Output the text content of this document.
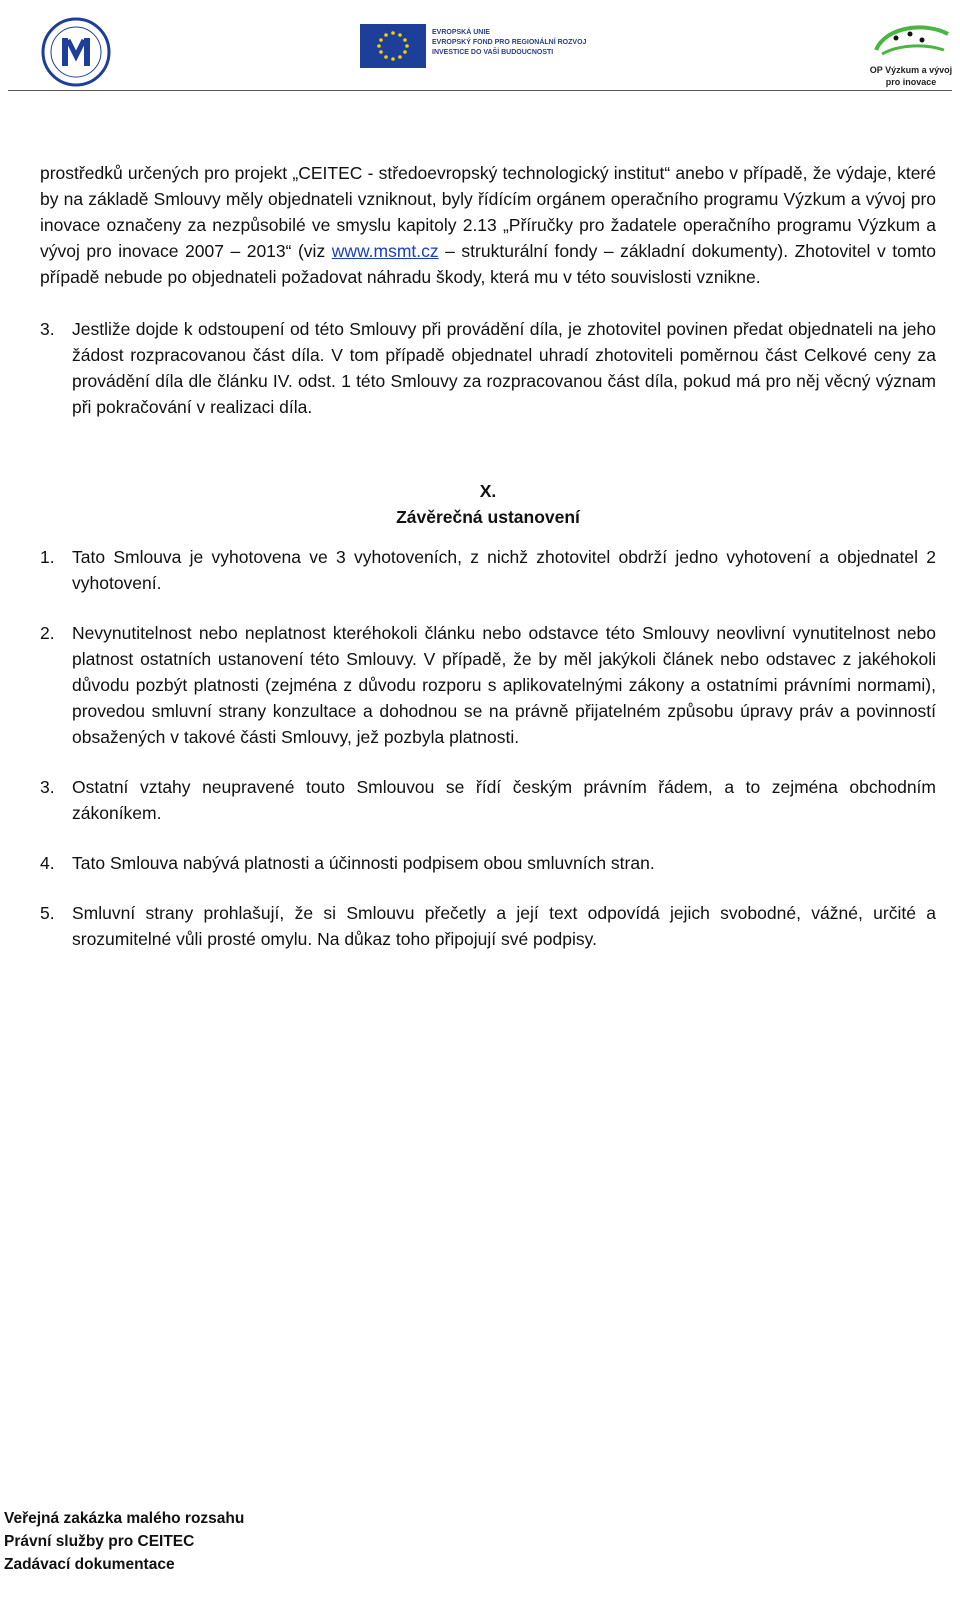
EVROPSKÁ UNIE
EVROPSKÝ FOND PRO REGIONÁLNÍ ROZVOJ
INVESTICE DO VAŠÍ BUDOUCNOSTI
OP Výzkum a vývoj
pro inovace

prostředků určených pro projekt „CEITEC - středoevropský technologický institut“ anebo v případě, že výdaje, které by na základě Smlouvy měly objednateli vzniknout, byly řídícím orgánem operačního programu Výzkum a vývoj pro inovace označeny za nezpůsobilé ve smyslu kapitoly 2.13 „Příručky pro žadatele operačního programu Výzkum a vývoj pro inovace 2007 – 2013“ (viz www.msmt.cz – strukturální fondy – základní dokumenty). Zhotovitel v tomto případě nebude po objednateli požadovat náhradu škody, která mu v této souvislosti vznikne.

3. Jestliže dojde k odstoupení od této Smlouvy při provádění díla, je zhotovitel povinen předat objednateli na jeho žádost rozpracovanou část díla. V tom případě objednatel uhradí zhotoviteli poměrnou část Celkové ceny za provádění díla dle článku IV. odst. 1 této Smlouvy za rozpracovanou část díla, pokud má pro něj věcný význam při pokračování v realizaci díla.
X.
Závěrečná ustanovení
1. Tato Smlouva je vyhotovena ve 3 vyhotoveních, z nichž zhotovitel obdrží jedno vyhotovení a objednatel 2 vyhotovení.
2. Nevynutitelnost nebo neplatnost kteréhokoli článku nebo odstavce této Smlouvy neovlivní vynutitelnost nebo platnost ostatních ustanovení této Smlouvy. V případě, že by měl jakýkoli článek nebo odstavec z jakéhokoli důvodu pozbýt platnosti (zejména z důvodu rozporu s aplikovatelnými zákony a ostatními právními normami), provedou smluvní strany konzultace a dohodnou se na právně přijatelném způsobu úpravy práv a povinností obsažených v takové části Smlouvy, jež pozbyla platnosti.
3. Ostatní vztahy neupravené touto Smlouvou se řídí českým právním řádem, a to zejména obchodním zákoníkem.
4. Tato Smlouva nabývá platnosti a účinnosti podpisem obou smluvních stran.
5. Smluvní strany prohlašují, že si Smlouvu přečetly a její text odpovídá jejich svobodné, vážné, určité a srozumitelné vůli prosté omylu. Na důkaz toho připojují své podpisy.
Veřejná zakázka malého rozsahu
Právní služby pro CEITEC
Zadávací dokumentace
